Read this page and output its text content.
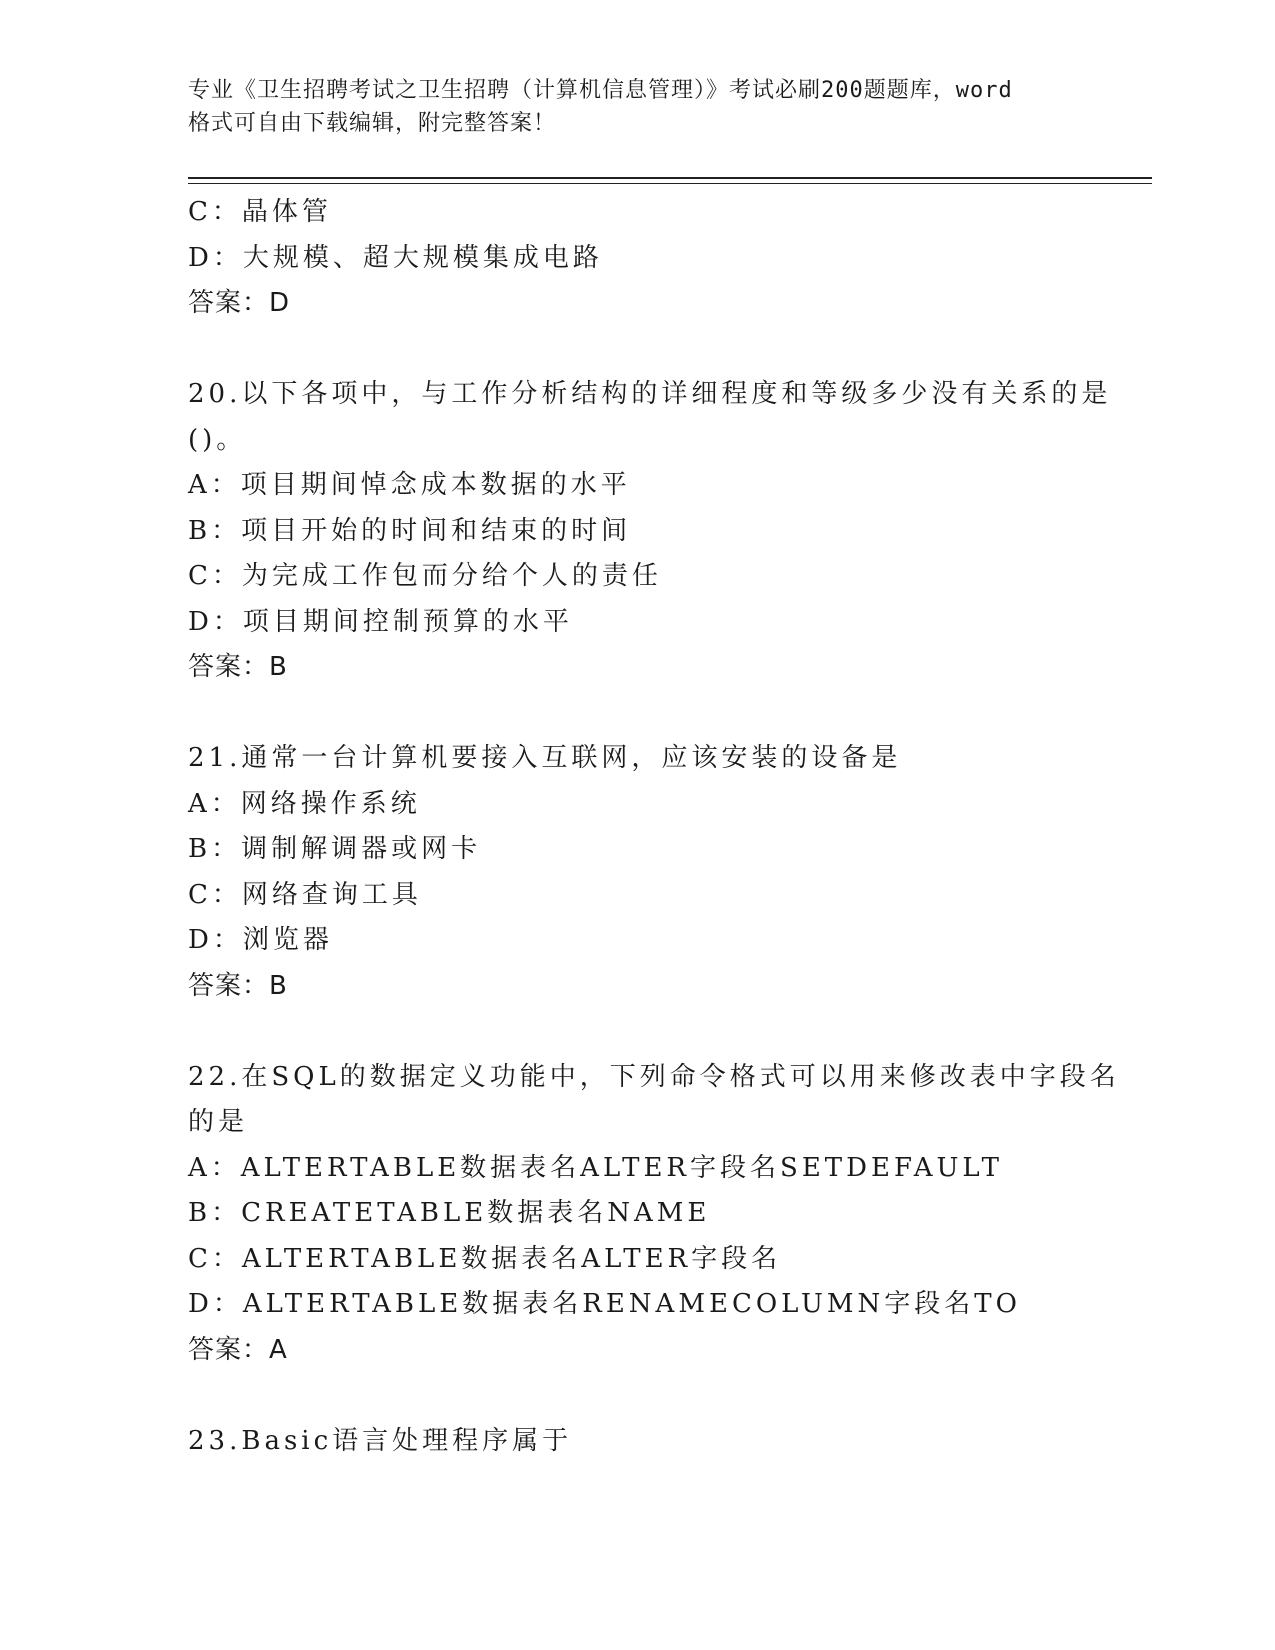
专业《卫生招聘考试之卫生招聘（计算机信息管理）》考试必刷200题题库，word
格式可自由下载编辑，附完整答案！
C：晶体管
D：大规模、超大规模集成电路
答案：D
20.以下各项中，与工作分析结构的详细程度和等级多少没有关系的是
()。
A：项目期间悼念成本数据的水平
B：项目开始的时间和结束的时间
C：为完成工作包而分给个人的责任
D：项目期间控制预算的水平
答案：B
21.通常一台计算机要接入互联网，应该安装的设备是
A：网络操作系统
B：调制解调器或网卡
C：网络查询工具
D：浏览器
答案：B
22.在SQL的数据定义功能中，下列命令格式可以用来修改表中字段名
的是
A：ALTERTABLE数据表名ALTER字段名SETDEFAULT
B：CREATETABLE数据表名NAME
C：ALTERTABLE数据表名ALTER字段名
D：ALTERTABLE数据表名RENAMECOLUMN字段名TO
答案：A
23.Basic语言处理程序属于
